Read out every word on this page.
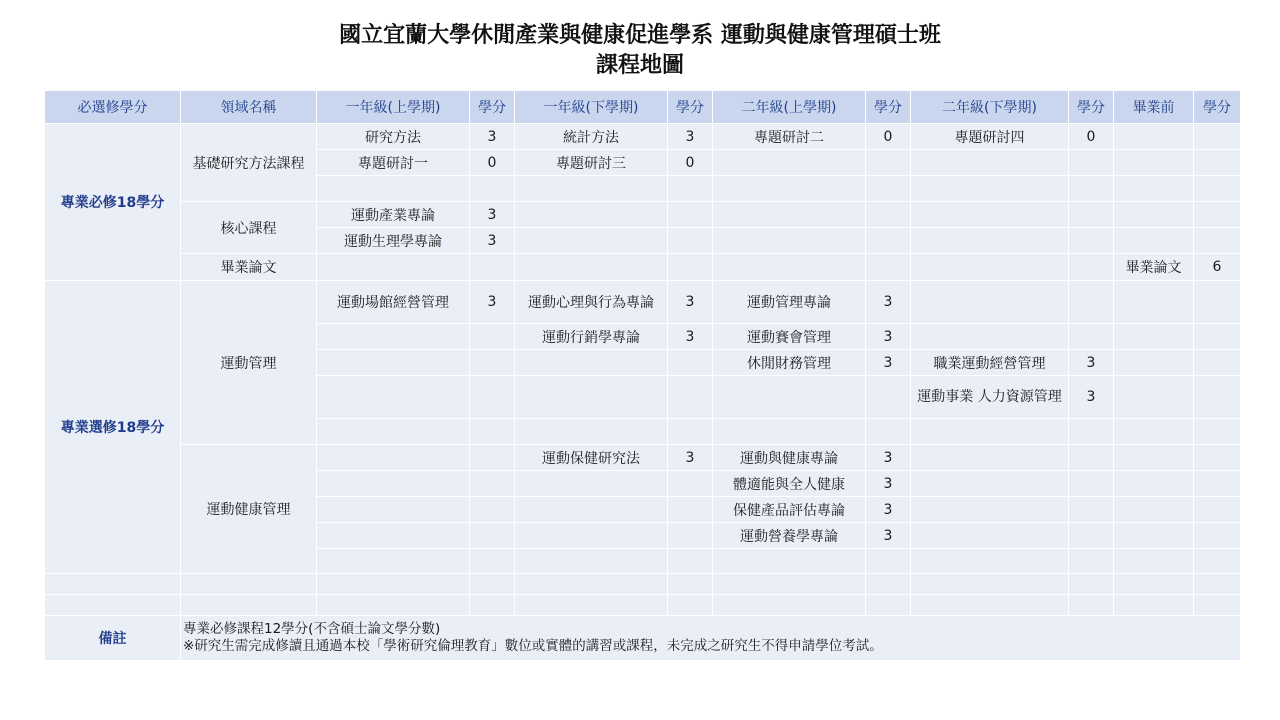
國立宜蘭大學休閒產業與健康促進學系 運動與健康管理碩士班
課程地圖
必選修學分	領域名稱	一年級(上學期)	學分	一年級(下學期)	學分	二年級(上學期)	學分	二年級(下學期)	學分	畢業前	學分
專業必修18學分	基礎研究方法課程	研究方法	3	統計方法	3	專題研討二	0	專題研討四	0		
		專題研討一	0	專題研討三	0						

	核心課程	運動產業專論	3								
		運動生理學專論	3								
	畢業論文									畢業論文	6
專業選修18學分	運動管理	運動場館經營管理	3	運動心理與行為專論	3	運動管理專論	3				
				運動行銷學專論	3	運動賽會管理	3				
						休閒財務管理	3	職業運動經營管理	3		
								運動事業 人力資源管理	3		

	運動健康管理			運動保健研究法	3	運動與健康專論	3				
						體適能與全人健康	3				
						保健產品評估專論	3				
						運動營養學專論	3				

備註	專業必修課程12學分(不含碩士論文學分數)
※研究生需完成修讀且通過本校「學術研究倫理教育」數位或實體的講習或課程，未完成之研究生不得申請學位考試。										
